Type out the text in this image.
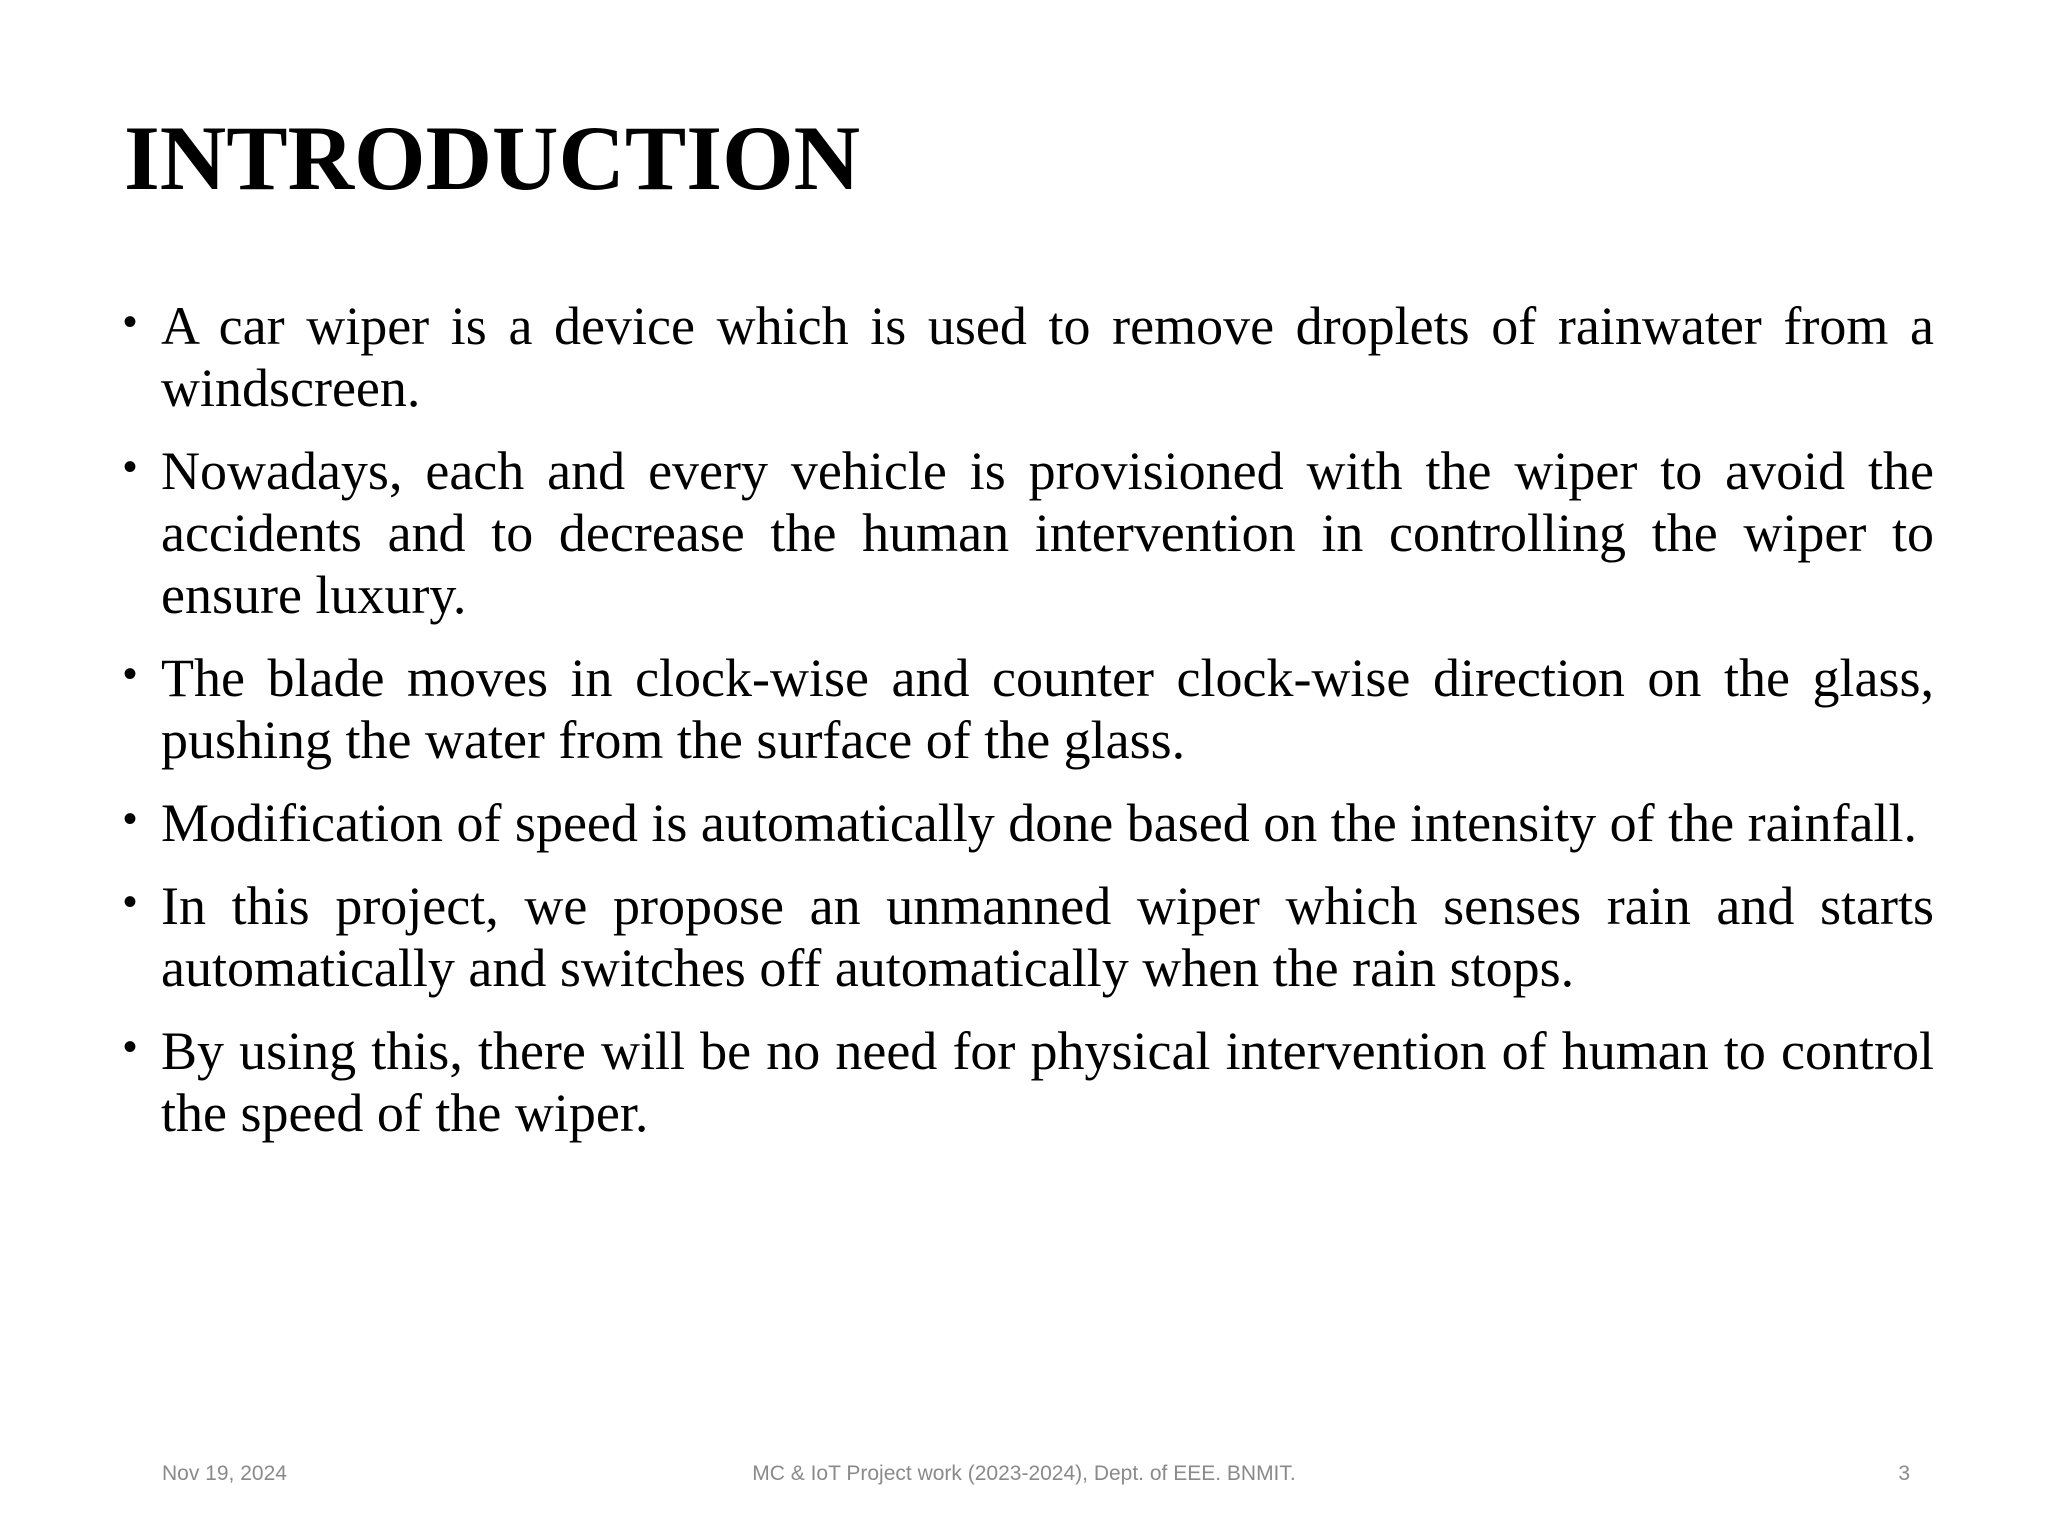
INTRODUCTION
• A car wiper is a device which is used to remove droplets of rainwater from a windscreen.
• Nowadays, each and every vehicle is provisioned with the wiper to avoid the accidents and to decrease the human intervention in controlling the wiper to ensure luxury.
• The blade moves in clock-wise and counter clock-wise direction on the glass, pushing the water from the surface of the glass.
• Modification of speed is automatically done based on the intensity of the rainfall.
• In this project, we propose an unmanned wiper which senses rain and starts automatically and switches off automatically when the rain stops.
• By using this, there will be no need for physical intervention of human to control the speed of the wiper.
Nov 19, 2024	MC & IoT Project work (2023-2024), Dept. of EEE. BNMIT.	3
